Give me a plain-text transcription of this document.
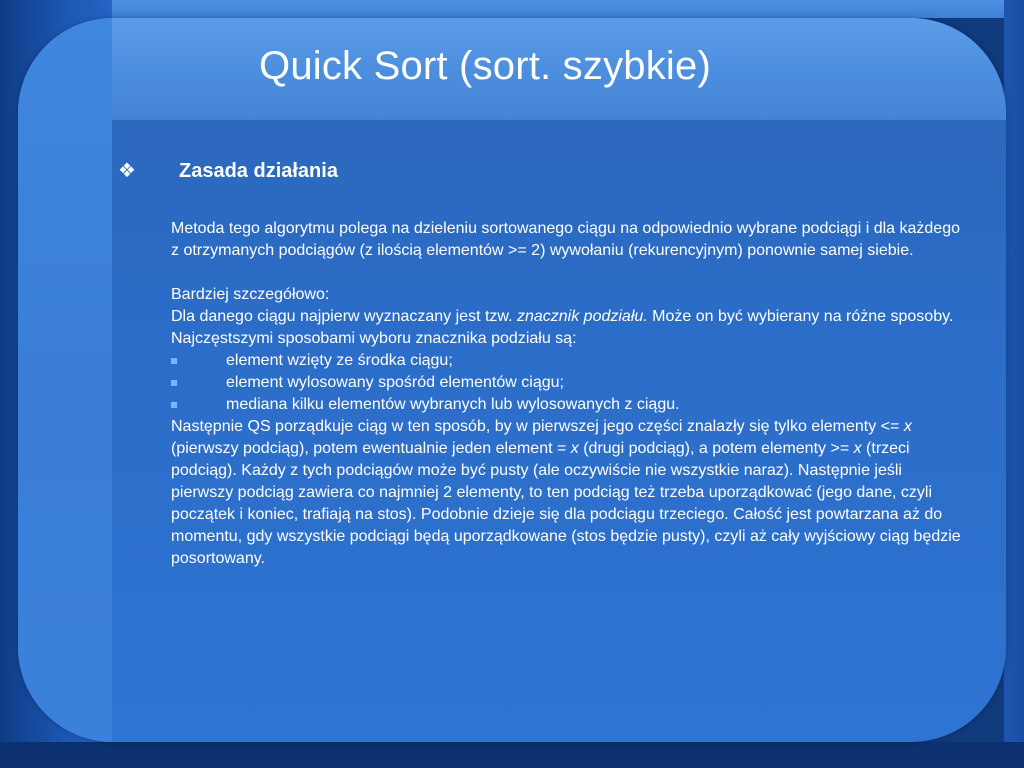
Quick Sort (sort. szybkie)
❖	Zasada działania

Metoda tego algorytmu polega na dzieleniu sortowanego ciągu na odpowiednio wybrane podciągi i dla każdego z otrzymanych podciągów (z ilością elementów >= 2) wywołaniu (rekurencyjnym) ponownie samej siebie.

Bardziej szczegółowo:

Dla danego ciągu najpierw wyznaczany jest tzw. znacznik podziału. Może on być wybierany na różne sposoby. Najczęstszymi sposobami wyboru znacznika podziału są:

element wzięty ze środka ciągu;
element wylosowany spośród elementów ciągu;
mediana kilku elementów wybranych lub wylosowanych z ciągu.

Następnie QS porządkuje ciąg w ten sposób, by w pierwszej jego części znalazły się tylko elementy <= x (pierwszy podciąg), potem ewentualnie jeden element = x (drugi podciąg), a potem elementy >= x (trzeci podciąg). Każdy z tych podciągów może być pusty (ale oczywiście nie wszystkie naraz). Następnie jeśli pierwszy podciąg zawiera co najmniej 2 elementy, to ten podciąg też trzeba uporządkować (jego dane, czyli początek i koniec, trafiają na stos). Podobnie dzieje się dla podciągu trzeciego. Całość jest powtarzana aż do momentu, gdy wszystkie podciągi będą uporządkowane (stos będzie pusty), czyli aż cały wyjściowy ciąg będzie posortowany.
